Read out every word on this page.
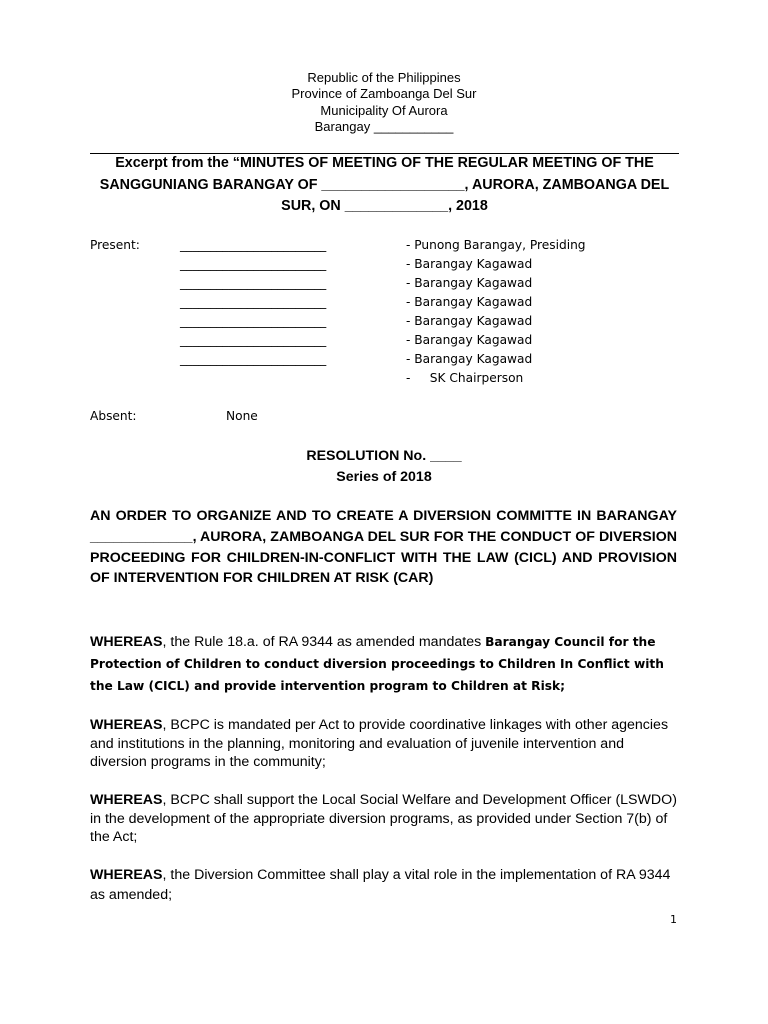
Republic of the Philippines
Province of Zamboanga Del Sur
Municipality Of Aurora
Barangay ___________
Excerpt from the “MINUTES OF MEETING OF THE REGULAR MEETING OF THE SANGGUNIANG BARANGAY OF __________________, AURORA, ZAMBOANGA DEL SUR, ON _____________, 2018
Present:	________________________
________________________
________________________
________________________
________________________
________________________
________________________
- Punong Barangay, Presiding
- Barangay Kagawad
- Barangay Kagawad
- Barangay Kagawad
- Barangay Kagawad
- Barangay Kagawad
- Barangay Kagawad
-     SK Chairperson
Absent:	None
RESOLUTION No. ____
Series of 2018
AN ORDER TO ORGANIZE AND TO CREATE A DIVERSION COMMITTE IN BARANGAY _____________, AURORA, ZAMBOANGA DEL SUR FOR THE CONDUCT OF DIVERSION PROCEEDING FOR CHILDREN-IN-CONFLICT WITH THE LAW (CICL) AND PROVISION OF INTERVENTION FOR CHILDREN AT RISK (CAR)
WHEREAS, the Rule 18.a. of RA 9344 as amended mandates Barangay Council for the Protection of Children to conduct diversion proceedings to Children In Conflict with the Law (CICL) and provide intervention program to Children at Risk;
WHEREAS, BCPC is mandated per Act to provide coordinative linkages with other agencies and institutions in the planning, monitoring and evaluation of juvenile intervention and diversion programs in the community;
WHEREAS, BCPC shall support the Local Social Welfare and Development Officer (LSWDO) in the development of the appropriate diversion programs, as provided under Section 7(b) of the Act;
WHEREAS, the Diversion Committee shall play a vital role in the implementation of RA 9344 as amended;
1
